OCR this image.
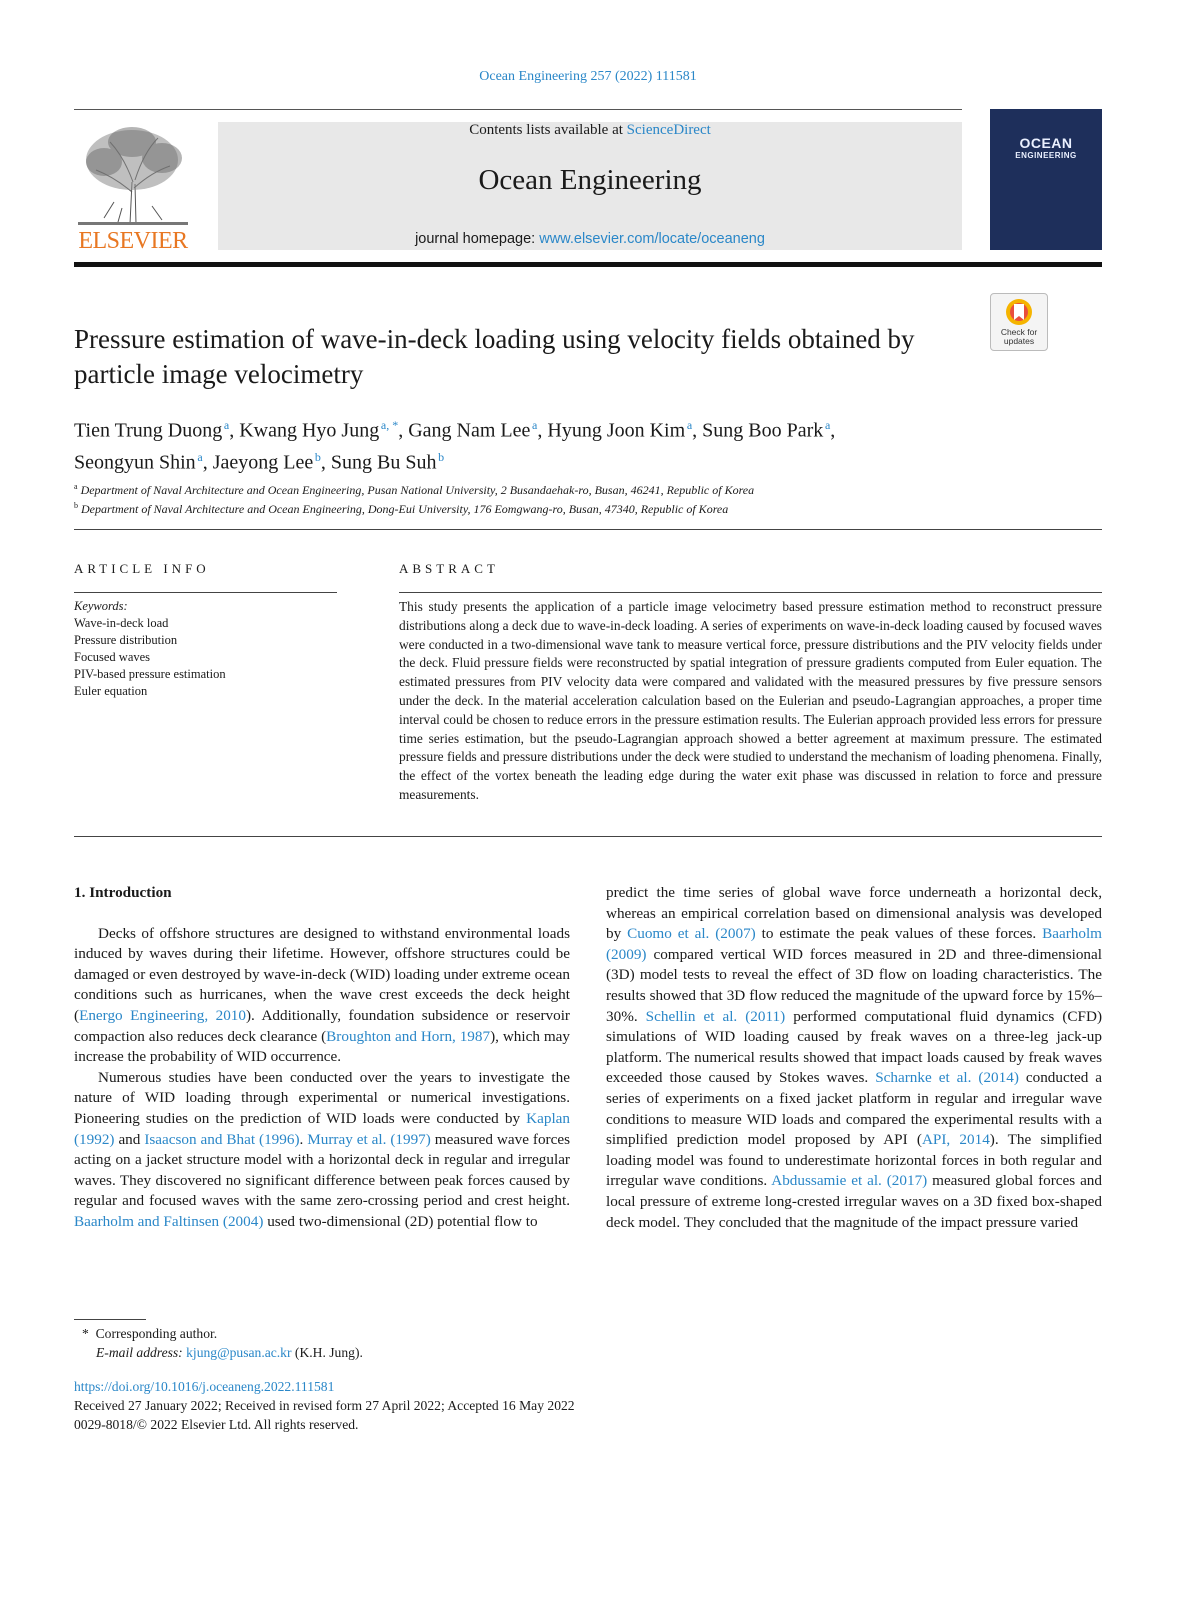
Ocean Engineering 257 (2022) 111581
ELSEVIER
Contents lists available at ScienceDirect
Ocean Engineering
journal homepage: www.elsevier.com/locate/oceaneng
OCEAN
ENGINEERING
Check for
updates
Pressure estimation of wave-in-deck loading using velocity fields obtained by particle image velocimetry
Tien Trung Duong  $^a$, Kwang Hyo Jung  $^{a, *}$, Gang Nam Lee  $^a$, Hyung Joon Kim  $^a$, Sung Boo Park  $^a$,
Seongyun Shin  $^a$, Jaeyong Lee  $^b$, Sung Bu Suh  $^b$
$^a$ Department of Naval Architecture and Ocean Engineering, Pusan National University, 2 Busandaehak-ro, Busan, 46241, Republic of Korea
$^b$ Department of Naval Architecture and Ocean Engineering, Dong-Eui University, 176 Eomgwang-ro, Busan, 47340, Republic of Korea
ARTICLE INFO	ABSTRACT
Keywords:
Wave-in-deck load
Pressure distribution
Focused waves
PIV-based pressure estimation
Euler equation
This study presents the application of a particle image velocimetry based pressure estimation method to reconstruct pressure distributions along a deck due to wave-in-deck loading. A series of experiments on wave-in-deck loading caused by focused waves were conducted in a two-dimensional wave tank to measure vertical force, pressure distributions and the PIV velocity fields under the deck. Fluid pressure fields were reconstructed by spatial integration of pressure gradients computed from Euler equation. The estimated pressures from PIV velocity data were compared and validated with the measured pressures by five pressure sensors under the deck. In the material acceleration calculation based on the Eulerian and pseudo-Lagrangian approaches, a proper time interval could be chosen to reduce errors in the pressure estimation results. The Eulerian approach provided less errors for pressure time series estimation, but the pseudo-Lagrangian approach showed a better agreement at maximum pressure. The estimated pressure fields and pressure distributions under the deck were studied to understand the mechanism of loading phenomena. Finally, the effect of the vortex beneath the leading edge during the water exit phase was discussed in relation to force and pressure measurements.
1. Introduction

Decks of offshore structures are designed to withstand environmental loads induced by waves during their lifetime. However, offshore structures could be damaged or even destroyed by wave-in-deck (WID) loading under extreme ocean conditions such as hurricanes, when the wave crest exceeds the deck height (Energo Engineering, 2010). Additionally, foundation subsidence or reservoir compaction also reduces deck clearance (Broughton and Horn, 1987), which may increase the probability of WID occurrence.

Numerous studies have been conducted over the years to investigate the nature of WID loading through experimental or numerical investigations. Pioneering studies on the prediction of WID loads were conducted by Kaplan (1992) and Isaacson and Bhat (1996). Murray et al. (1997) measured wave forces acting on a jacket structure model with a horizontal deck in regular and irregular waves. They discovered no significant difference between peak forces caused by regular and focused waves with the same zero-crossing period and crest height. Baarholm and Faltinsen (2004) used two-dimensional (2D) potential flow to

predict the time series of global wave force underneath a horizontal deck, whereas an empirical correlation based on dimensional analysis was developed by Cuomo et al. (2007) to estimate the peak values of these forces. Baarholm (2009) compared vertical WID forces measured in 2D and three-dimensional (3D) model tests to reveal the effect of 3D flow on loading characteristics. The results showed that 3D flow reduced the magnitude of the upward force by 15%–30%. Schellin et al. (2011) performed computational fluid dynamics (CFD) simulations of WID loading caused by freak waves on a three-leg jack-up platform. The numerical results showed that impact loads caused by freak waves exceeded those caused by Stokes waves. Scharnke et al. (2014) conducted a series of experiments on a fixed jacket platform in regular and irregular wave conditions to measure WID loads and compared the experimental results with a simplified prediction model proposed by API (API, 2014). The simplified loading model was found to underestimate horizontal forces in both regular and irregular wave conditions. Abdussamie et al. (2017) measured global forces and local pressure of extreme long-crested irregular waves on a 3D fixed box-shaped deck model. They concluded that the magnitude of the impact pressure varied

* Corresponding author.
E-mail address: kjung@pusan.ac.kr (K.H. Jung).
https://doi.org/10.1016/j.oceaneng.2022.111581
Received 27 January 2022; Received in revised form 27 April 2022; Accepted 16 May 2022
0029-8018/© 2022 Elsevier Ltd. All rights reserved.
